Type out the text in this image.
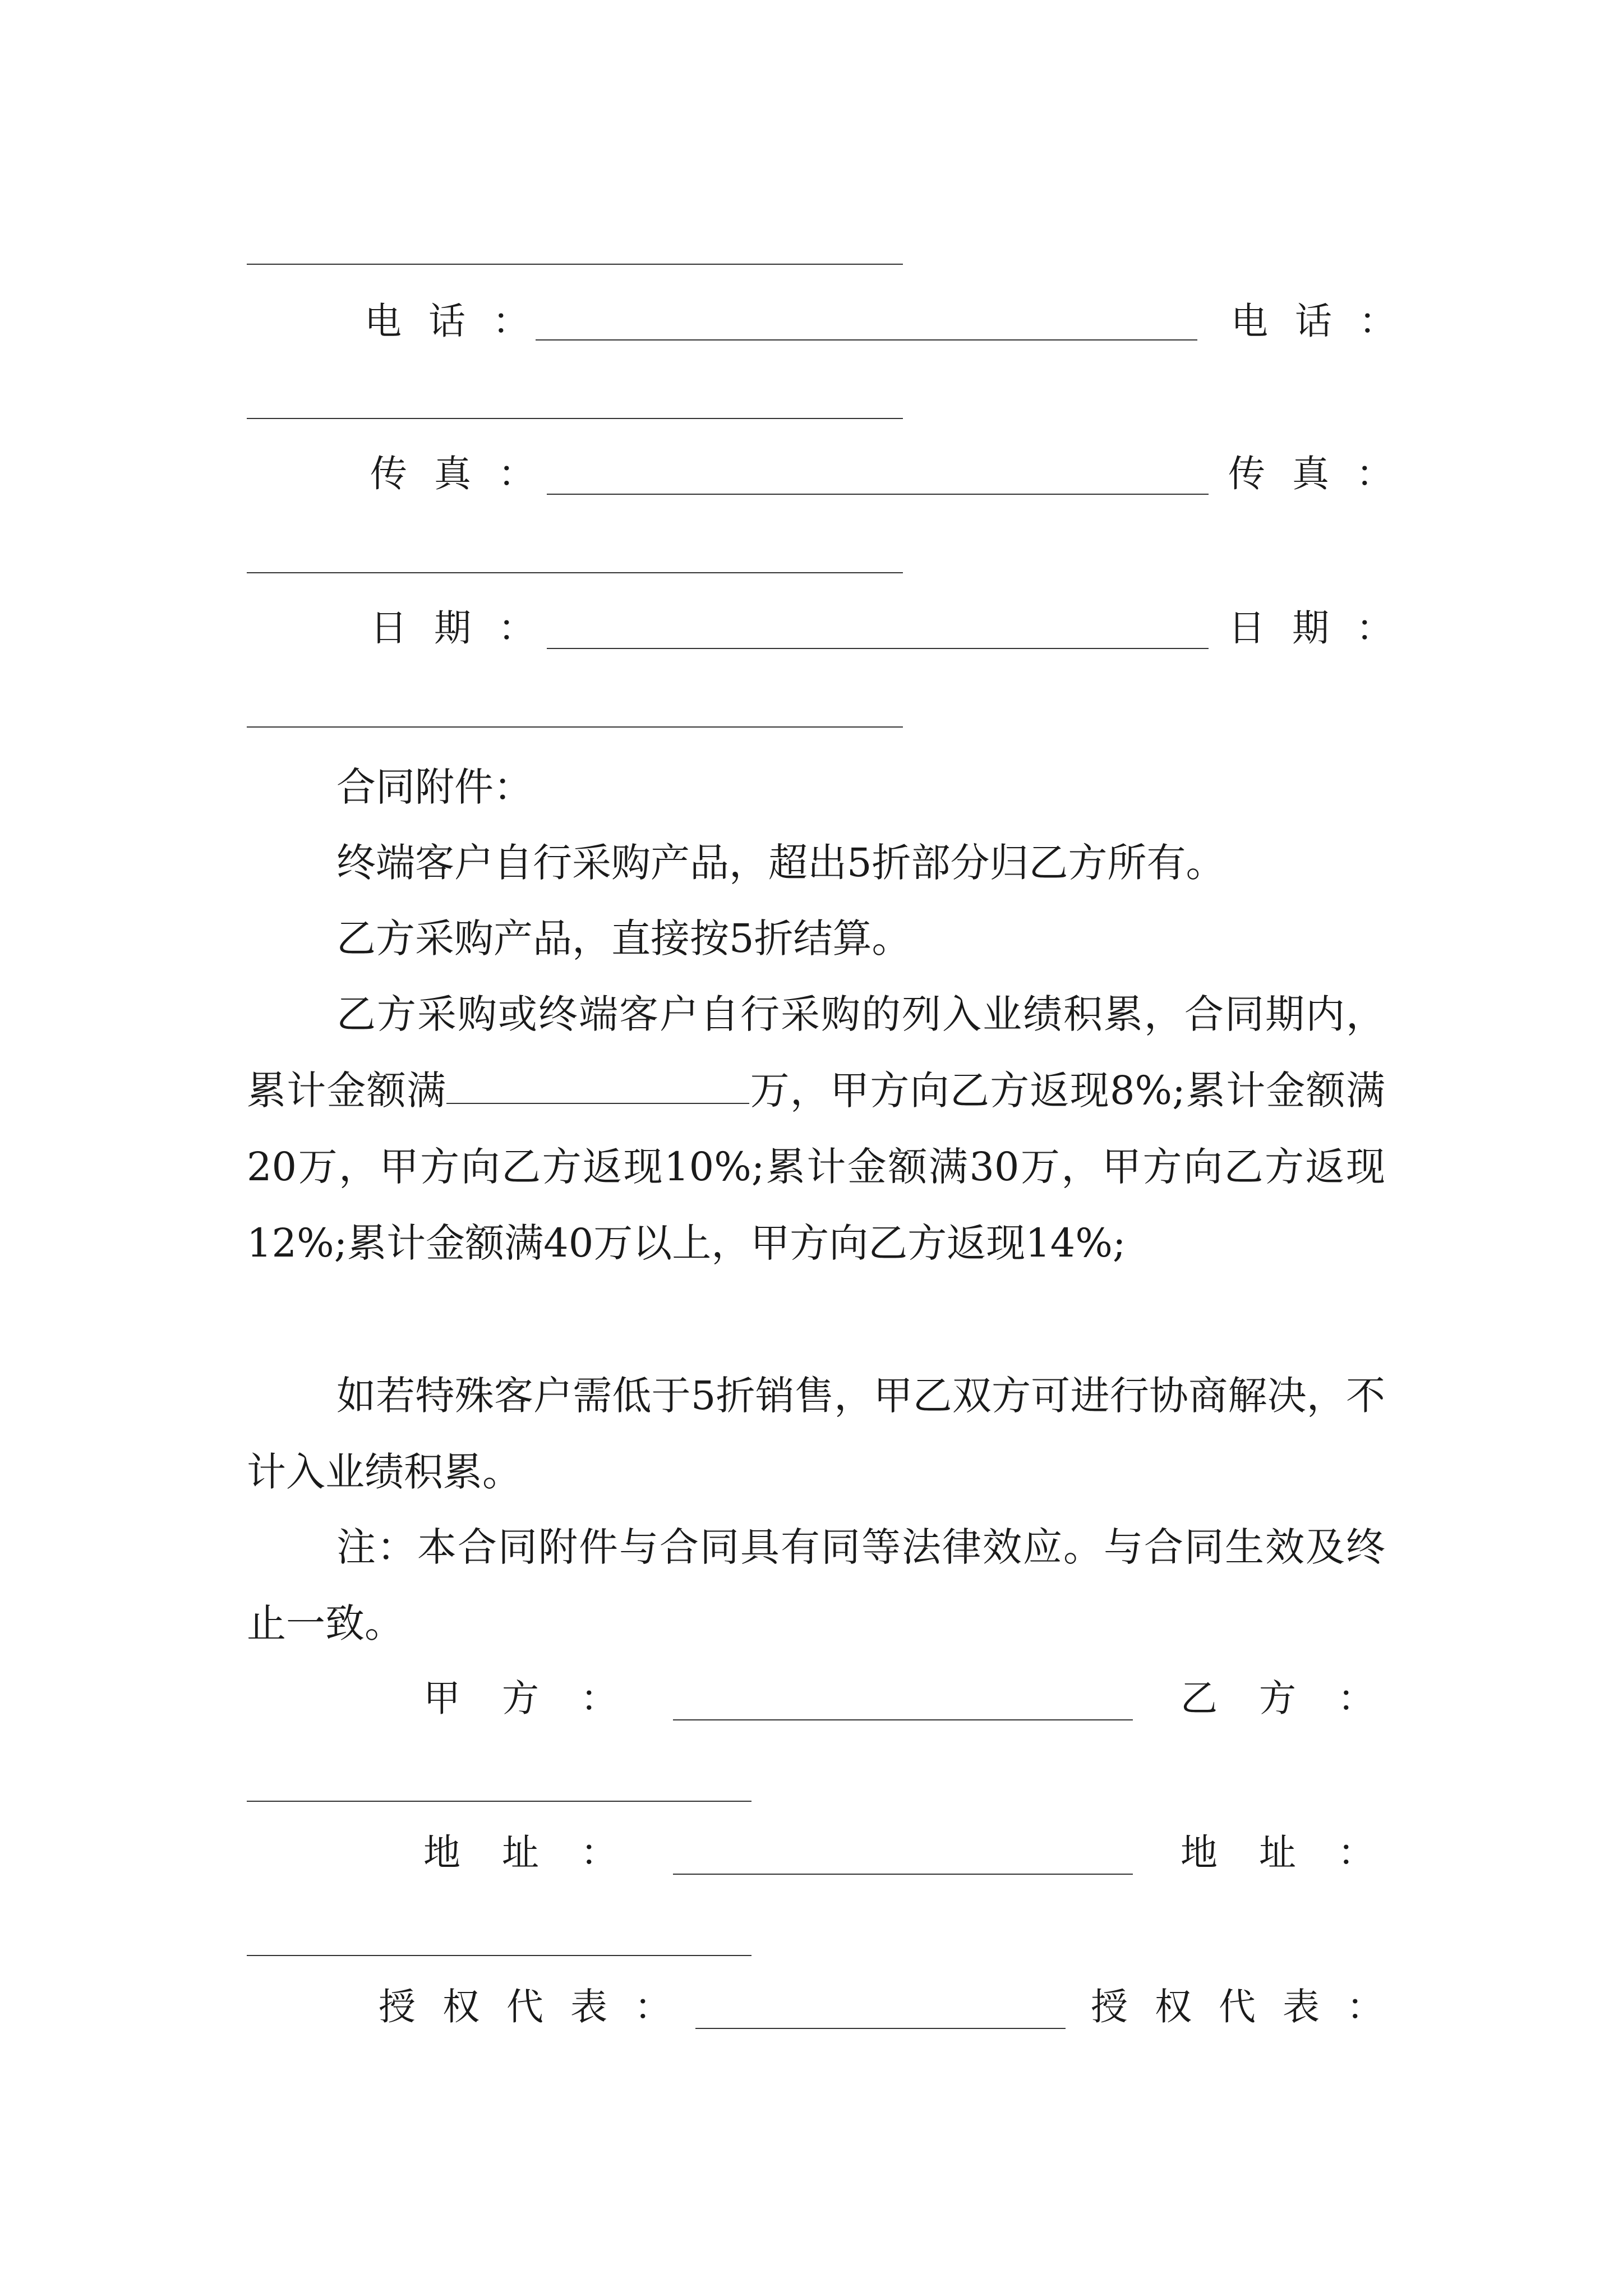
电话：	电话：
传真：	传真：
日期：	日期：
合同附件：
终端客户自行采购产品，超出5折部分归乙方所有。
乙方采购产品，直接按5折结算。
乙方采购或终端客户自行采购的列入业绩积累，合同期内，累计金额满	万，甲方向乙方返现8%;累计金额满20万，甲方向乙方返现10%;累计金额满30万，甲方向乙方返现12%;累计金额满40万以上，甲方向乙方返现14%;
如若特殊客户需低于5折销售，甲乙双方可进行协商解决，不计入业绩积累。
注：本合同附件与合同具有同等法律效应。与合同生效及终止一致。
甲方：	乙方：
地址：	地址：
授权代表：	授权代表：
